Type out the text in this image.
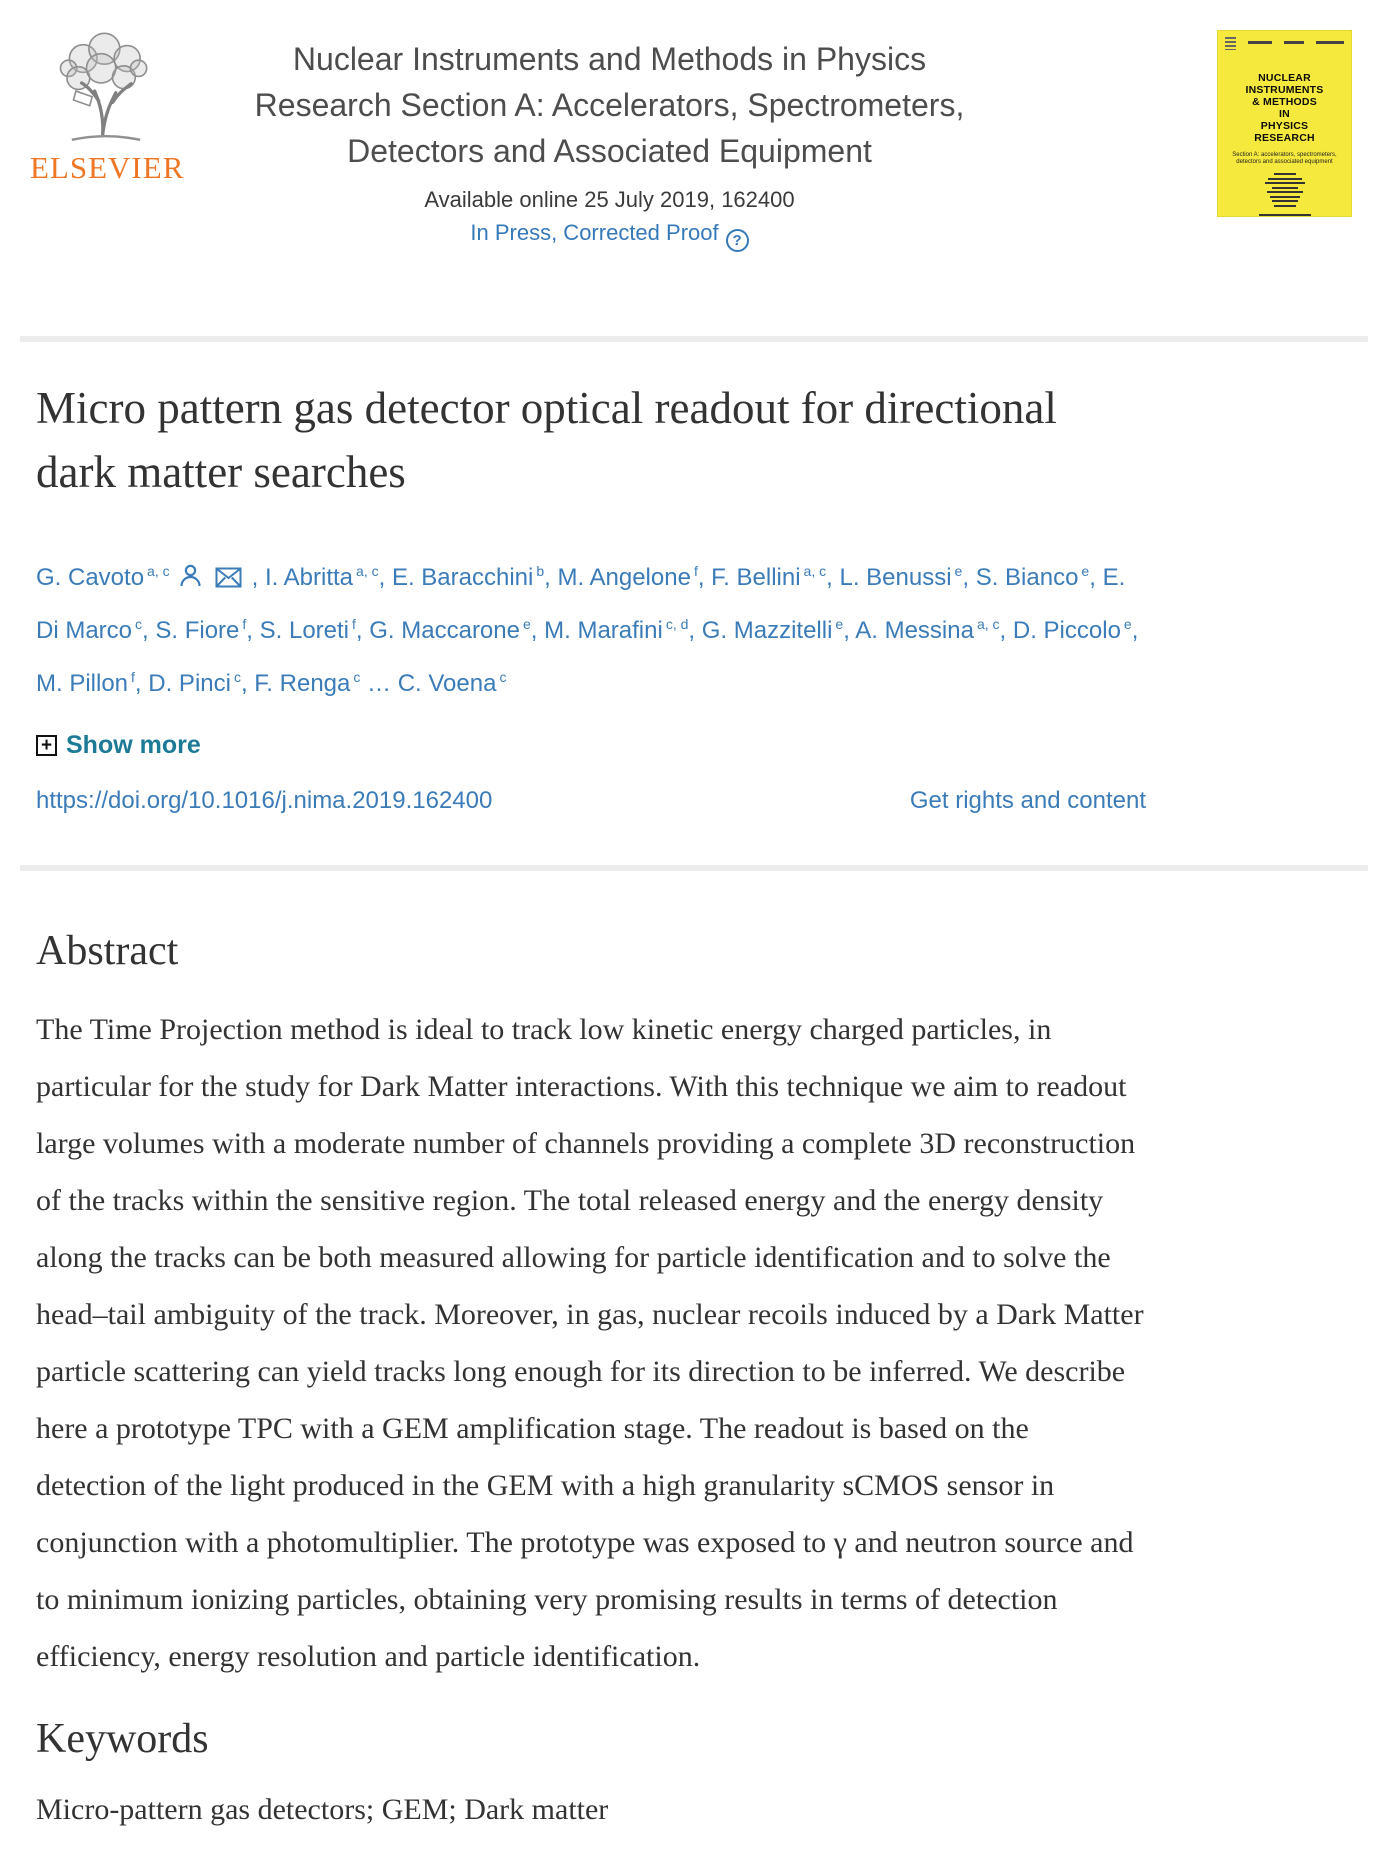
ELSEVIER
Nuclear Instruments and Methods in Physics
Research Section A: Accelerators, Spectrometers,
Detectors and Associated Equipment
Available online 25 July 2019, 162400
In Press, Corrected Proof ?
NUCLEAR
INSTRUMENTS
& METHODS
IN
PHYSICS
RESEARCH
Section A: accelerators, spectrometers,
detectors and associated equipment
Micro pattern gas detector optical readout for directional dark matter searches

G. Cavoto $^{a, c}$	, I. Abritta $^{a, c}$, E. Baracchini $^b$, M. Angelone $^f$, F. Bellini $^{a, c}$, L. Benussi $^e$, S. Bianco $^e$, E. Di Marco $^c$, S. Fiore $^f$, S. Loreti $^f$, G. Maccarone $^e$, M. Marafini $^{c, d}$, G. Mazzitelli $^e$, A. Messina $^{a, c}$, D. Piccolo $^e$, M. Pillon $^f$, D. Pinci $^c$, F. Renga $^c$ … C. Voena $^c$

+ Show more
https://doi.org/10.1016/j.nima.2019.162400	Get rights and content
Abstract

The Time Projection method is ideal to track low kinetic energy charged particles, in particular for the study for Dark Matter interactions. With this technique we aim to readout large volumes with a moderate number of channels providing a complete 3D reconstruction of the tracks within the sensitive region. The total released energy and the energy density along the tracks can be both measured allowing for particle identification and to solve the head–tail ambiguity of the track. Moreover, in gas, nuclear recoils induced by a Dark Matter particle scattering can yield tracks long enough for its direction to be inferred. We describe here a prototype TPC with a GEM amplification stage. The readout is based on the detection of the light produced in the GEM with a high granularity sCMOS sensor in conjunction with a photomultiplier. The prototype was exposed to γ and neutron source and to minimum ionizing particles, obtaining very promising results in terms of detection efficiency, energy resolution and particle identification.

Keywords

Micro-pattern gas detectors; GEM; Dark matter
